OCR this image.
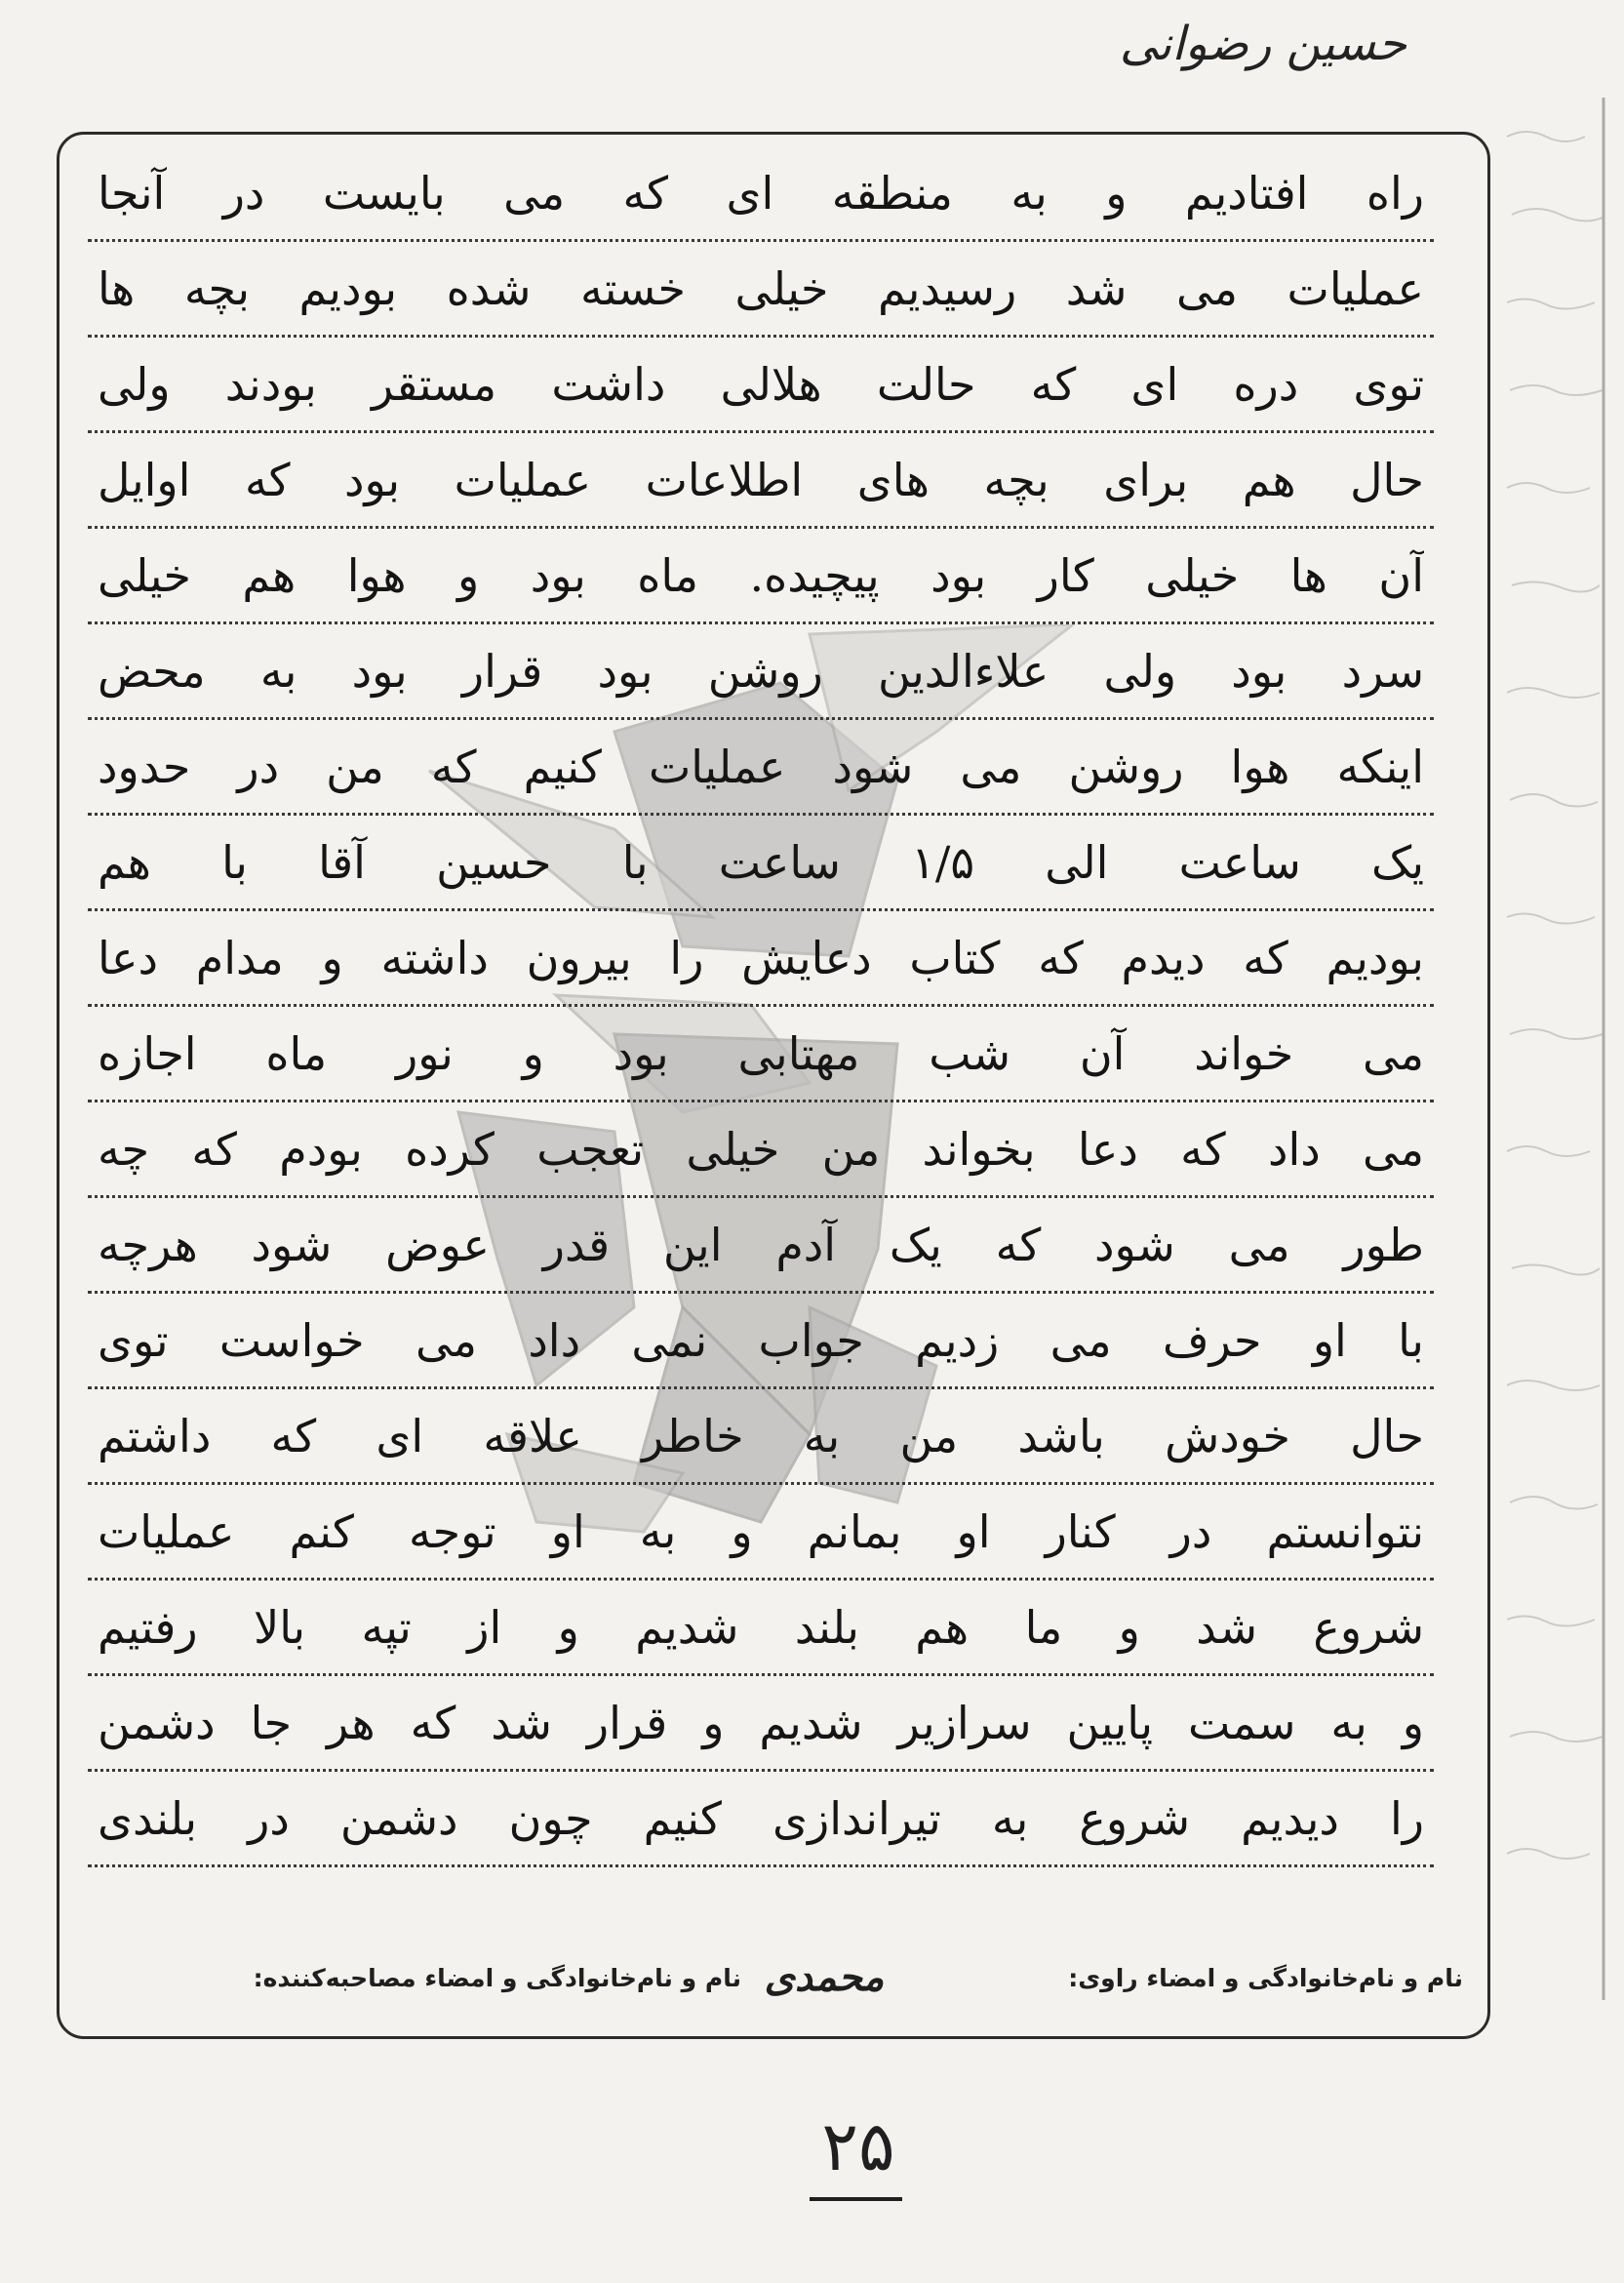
حسین رضوانی
راه افتادیم و به منطقه ای که می بایست در آنجا
عملیات می شد رسیدیم خیلی خسته شده بودیم بچه ها
توی دره ای که حالت هلالی داشت مستقر بودند ولی
حال هم برای بچه های اطلاعات عملیات بود که اوایل
آن ها خیلی کار بود پیچیده. ماه بود و هوا هم خیلی
سرد بود ولی علاءالدین روشن بود قرار بود به محض
اینکه هوا روشن می شود عملیات کنیم که من در حدود
یک ساعت الی ۱/۵ ساعت با حسین آقا با هم
بودیم که دیدم که کتاب دعایش را بیرون داشته و مدام دعا
می خواند آن شب مهتابی بود و نور ماه اجازه
می داد که دعا بخواند من خیلی تعجب کرده بودم که چه
طور می شود که یک آدم این قدر عوض شود هرچه
با او حرف می زدیم جواب نمی داد می خواست توی
حال خودش باشد من به خاطر علاقه ای که داشتم
نتوانستم در کنار او بمانم و به او توجه کنم عملیات
شروع شد و ما هم بلند شدیم و از تپه بالا رفتیم
و به سمت پایین سرازیر شدیم و قرار شد که هر جا دشمن
را دیدیم شروع به تیراندازی کنیم چون دشمن در بلندی
نام و نام‌خانوادگی و امضاء راوی:
محمدی
نام و نام‌خانوادگی و امضاء مصاحبه‌کننده:
۲۵
